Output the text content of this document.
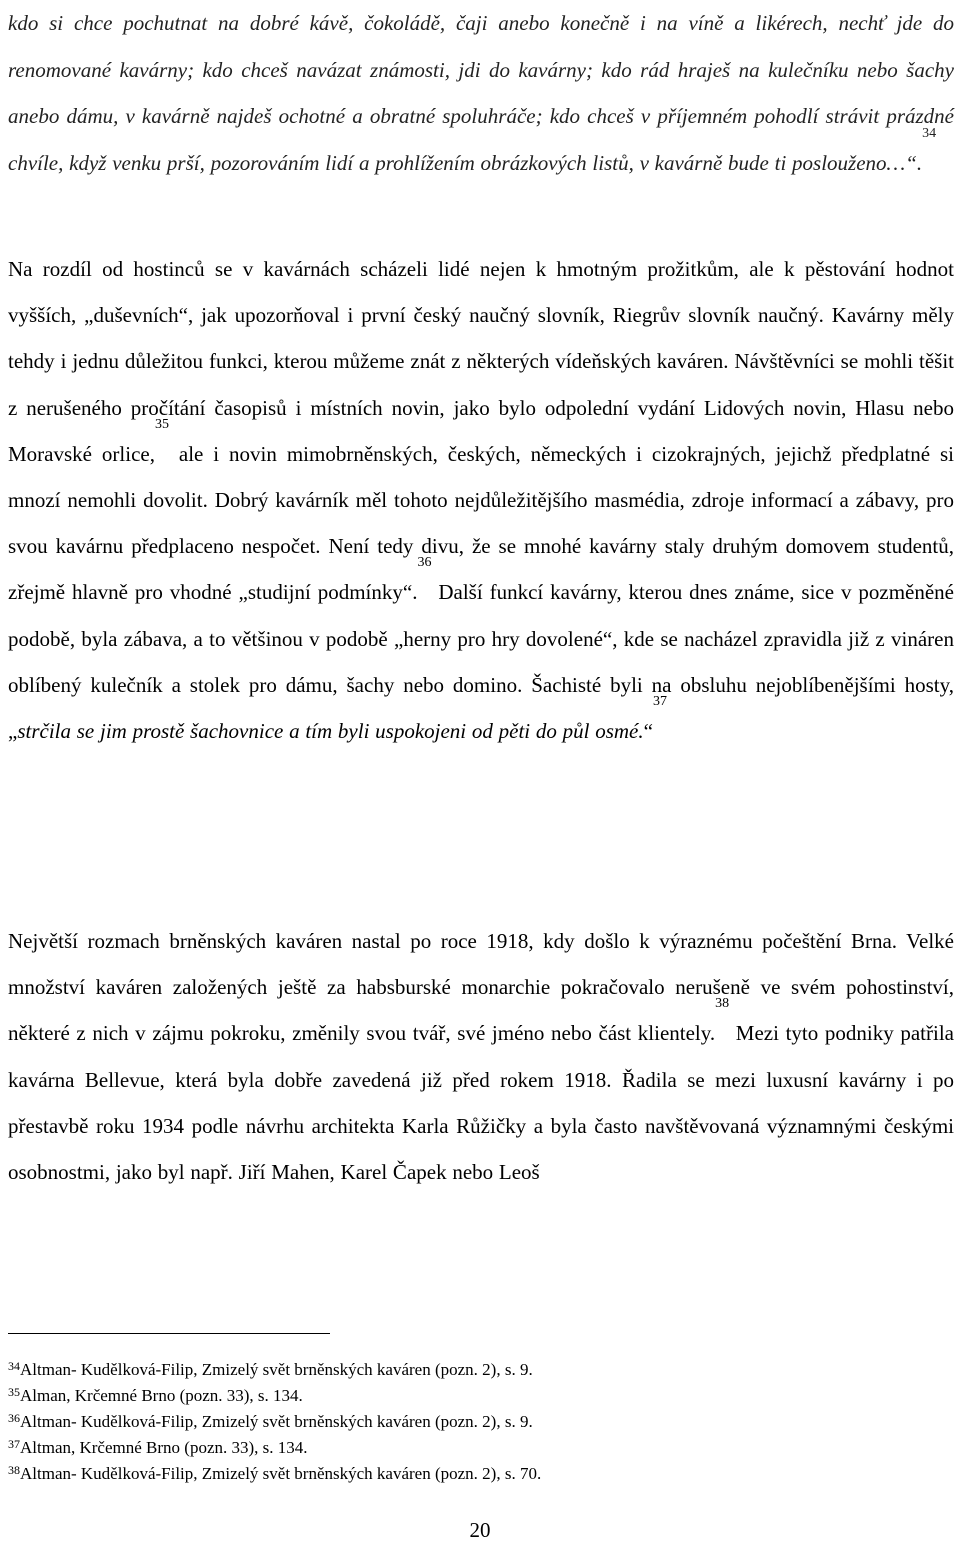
kdo si chce pochutnat na dobré kávě, čokoládě, čaji anebo konečně i na víně a likérech, nechť jde do renomované kavárny; kdo chceš navázat známosti, jdi do kavárny; kdo rád hraješ na kulečníku nebo šachy anebo dámu, v kavárně najdeš ochotné a obratné spoluhráče; kdo chceš v příjemném pohodlí strávit prázdné chvíle, když venku prší, pozorováním lidí a prohlížením obrázkových listů, v kavárně bude ti poslouženo…“.$^{34}$
Na rozdíl od hostinců se v kavárnách scházeli lidé nejen k hmotným prožitkům, ale k pěstování hodnot vyšších, „duševních“, jak upozorňoval i první český naučný slovník, Riegrův slovník naučný. Kavárny měly tehdy i jednu důležitou funkci, kterou můžeme znát z některých vídeňských kaváren. Návštěvníci se mohli těšit z nerušeného pročítání časopisů i místních novin, jako bylo odpolední vydání Lidových novin, Hlasu nebo Moravské orlice,$^{35}$ ale i novin mimobrněnských, českých, německých i cizokrajných, jejichž předplatné si mnozí nemohli dovolit. Dobrý kavárník měl tohoto nejdůležitějšího masmédia, zdroje informací a zábavy, pro svou kavárnu předplaceno nespočet. Není tedy divu, že se mnohé kavárny staly druhým domovem studentů, zřejmě hlavně pro vhodné „studijní podmínky“.$^{36}$ Další funkcí kavárny, kterou dnes známe, sice v pozměněné podobě, byla zábava, a to většinou v podobě „herny pro hry dovolené“, kde se nacházel zpravidla již z vináren oblíbený kulečník a stolek pro dámu, šachy nebo domino. Šachisté byli na obsluhu nejoblíbenějšími hosty, „strčila se jim prostě šachovnice a tím byli uspokojeni od pěti do půl osmé.“$^{37}$
Největší rozmach brněnských kaváren nastal po roce 1918, kdy došlo k výraznému počeštění Brna. Velké množství kaváren založených ještě za habsburské monarchie pokračovalo nerušeně ve svém pohostinství, některé z nich v zájmu pokroku, změnily svou tvář, své jméno nebo část klientely.$^{38}$ Mezi tyto podniky patřila kavárna Bellevue, která byla dobře zavedená již před rokem 1918. Řadila se mezi luxusní kavárny i po přestavbě roku 1934 podle návrhu architekta Karla Růžičky a byla často navštěvovaná významnými českými osobnostmi, jako byl např. Jiří Mahen, Karel Čapek nebo Leoš
$^{34}$Altman- Kudělková-Filip, Zmizelý svět brněnských kaváren (pozn. 2), s. 9.
$^{35}$Alman, Krčemné Brno (pozn. 33), s. 134.
$^{36}$Altman- Kudělková-Filip, Zmizelý svět brněnských kaváren (pozn. 2), s. 9.
$^{37}$Altman, Krčemné Brno (pozn. 33), s. 134.
$^{38}$Altman- Kudělková-Filip, Zmizelý svět brněnských kaváren (pozn. 2), s. 70.
20
